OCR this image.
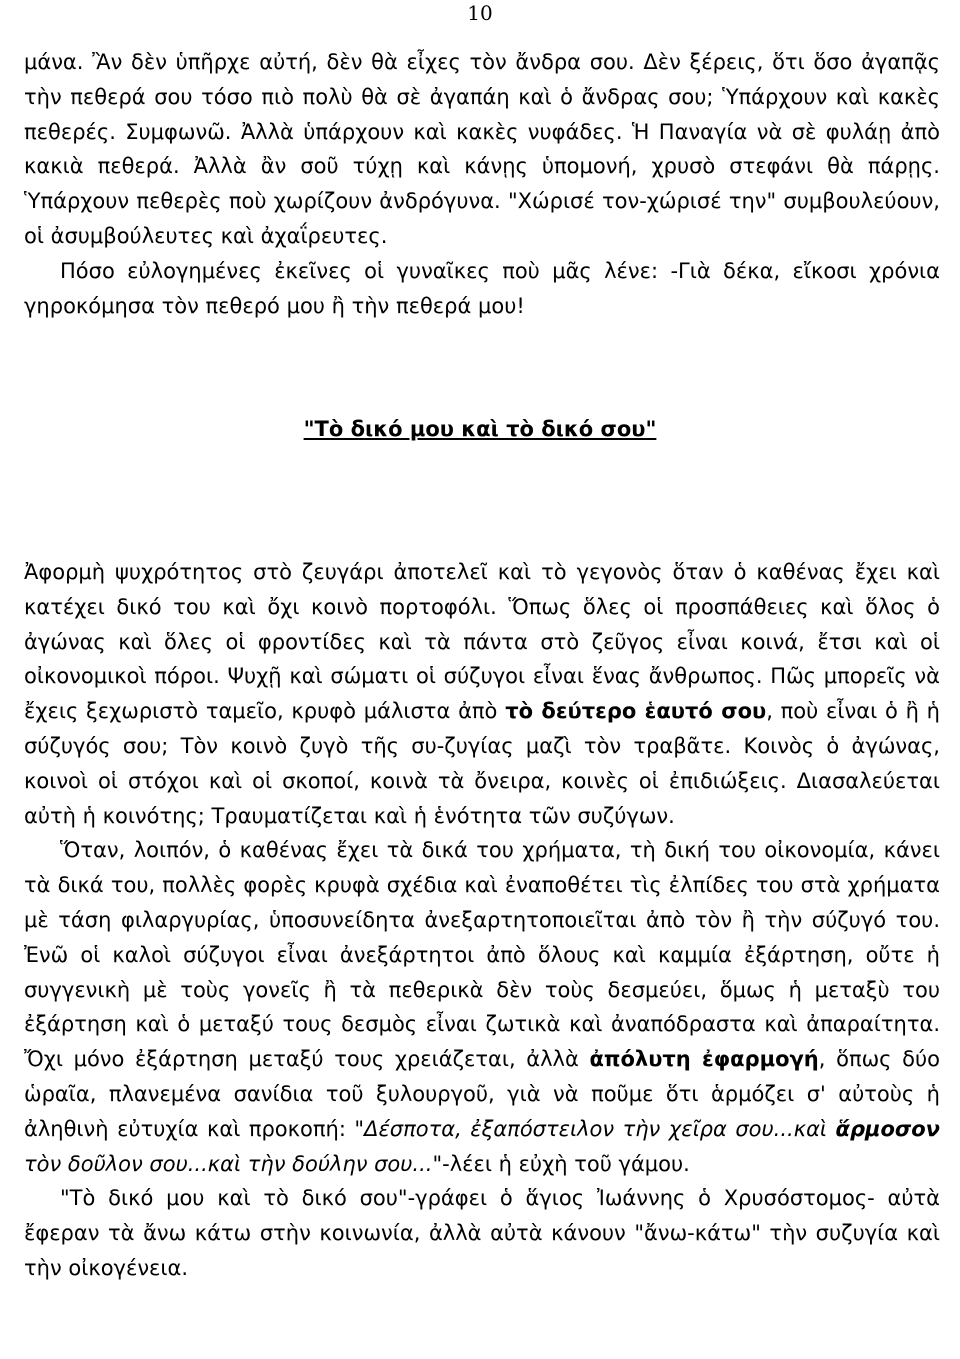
10

μάνα. Ἂν δὲν ὑπῆρχε αὐτή, δὲν θὰ εἶχες τὸν ἄνδρα σου. Δὲν ξέρεις, ὅτι ὅσο ἀγαπᾷς τὴν πεθερά σου τόσο πιὸ πολὺ θὰ σὲ ἀγαπάη καὶ ὁ ἄνδρας σου; Ὑπάρχουν καὶ κακὲς πεθερές. Συμφωνῶ. Ἀλλὰ ὑπάρχουν καὶ κακὲς νυφάδες. Ἡ Παναγία νὰ σὲ φυλάῃ ἀπὸ κακιὰ πεθερά. Ἀλλὰ ἂν σοῦ τύχῃ καὶ κάνῃς ὑπομονή, χρυσὸ στεφάνι θὰ πάρῃς. Ὑπάρχουν πεθερὲς ποὺ χωρίζουν ἀνδρόγυνα. "Χώρισέ τον-χώρισέ την" συμβουλεύουν, οἱ ἀσυμβούλευτες καὶ ἀχαΐρευτες.

Πόσο εὐλογημένες ἐκεῖνες οἱ γυναῖκες ποὺ μᾶς λένε: -Γιὰ δέκα, εἴκοσι χρόνια γηροκόμησα τὸν πεθερό μου ἢ τὴν πεθερά μου!

"Τὸ δικό μου καὶ τὸ δικό σου"

Ἀφορμὴ ψυχρότητος στὸ ζευγάρι ἀποτελεῖ καὶ τὸ γεγονὸς ὅταν ὁ καθένας ἔχει καὶ κατέχει δικό του καὶ ὄχι κοινὸ πορτοφόλι. Ὅπως ὅλες οἱ προσπάθειες καὶ ὅλος ὁ ἀγώνας καὶ ὅλες οἱ φροντίδες καὶ τὰ πάντα στὸ ζεῦγος εἶναι κοινά, ἔτσι καὶ οἱ οἰκονομικοὶ πόροι. Ψυχῇ καὶ σώματι οἱ σύζυγοι εἶναι ἕνας ἄνθρωπος. Πῶς μπορεῖς νὰ ἔχεις ξεχωριστὸ ταμεῖο, κρυφὸ μάλιστα ἀπὸ τὸ δεύτερο ἑαυτό σου, ποὺ εἶναι ὁ ἢ ἡ σύζυγός σου; Τὸν κοινὸ ζυγὸ τῆς συ-ζυγίας μαζὶ τὸν τραβᾶτε. Κοινὸς ὁ ἀγώνας, κοινοὶ οἱ στόχοι καὶ οἱ σκοποί, κοινὰ τὰ ὄνειρα, κοινὲς οἱ ἐπιδιώξεις. Διασαλεύεται αὐτὴ ἡ κοινότης; Τραυματίζεται καὶ ἡ ἑνότητα τῶν συζύγων.

Ὅταν, λοιπόν, ὁ καθένας ἔχει τὰ δικά του χρήματα, τὴ δική του οἰκονομία, κάνει τὰ δικά του, πολλὲς φορὲς κρυφὰ σχέδια καὶ ἐναποθέτει τὶς ἐλπίδες του στὰ χρήματα μὲ τάση φιλαργυρίας, ὑποσυνείδητα ἀνεξαρτητοποιεῖται ἀπὸ τὸν ἢ τὴν σύζυγό του. Ἐνῶ οἱ καλοὶ σύζυγοι εἶναι ἀνεξάρτητοι ἀπὸ ὅλους καὶ καμμία ἐξάρτηση, οὔτε ἡ συγγενικὴ μὲ τοὺς γονεῖς ἢ τὰ πεθερικὰ δὲν τοὺς δεσμεύει, ὅμως ἡ μεταξὺ του ἐξάρτηση καὶ ὁ μεταξύ τους δεσμὸς εἶναι ζωτικὰ καὶ ἀναπόδραστα καὶ ἀπαραίτητα. Ὄχι μόνο ἐξάρτηση μεταξύ τους χρειάζεται, ἀλλὰ ἀπόλυτη ἐφαρμογή, ὅπως δύο ὡραῖα, πλανεμένα σανίδια τοῦ ξυλουργοῦ, γιὰ νὰ ποῦμε ὅτι ἁρμόζει σ' αὐτοὺς ἡ ἀληθινὴ εὐτυχία καὶ προκοπή: "Δέσποτα, ἐξαπόστειλον τὴν χεῖρα σου...καὶ ἅρμοσον τὸν δοῦλον σου...καὶ τὴν δούλην σου..."-λέει ἡ εὐχὴ τοῦ γάμου.

"Τὸ δικό μου καὶ τὸ δικό σου"-γράφει ὁ ἅγιος Ἰωάννης ὁ Χρυσόστομος- αὐτὰ ἔφεραν τὰ ἄνω κάτω στὴν κοινωνία, ἀλλὰ αὐτὰ κάνουν "ἄνω-κάτω" τὴν συζυγία καὶ τὴν οἰκογένεια.
